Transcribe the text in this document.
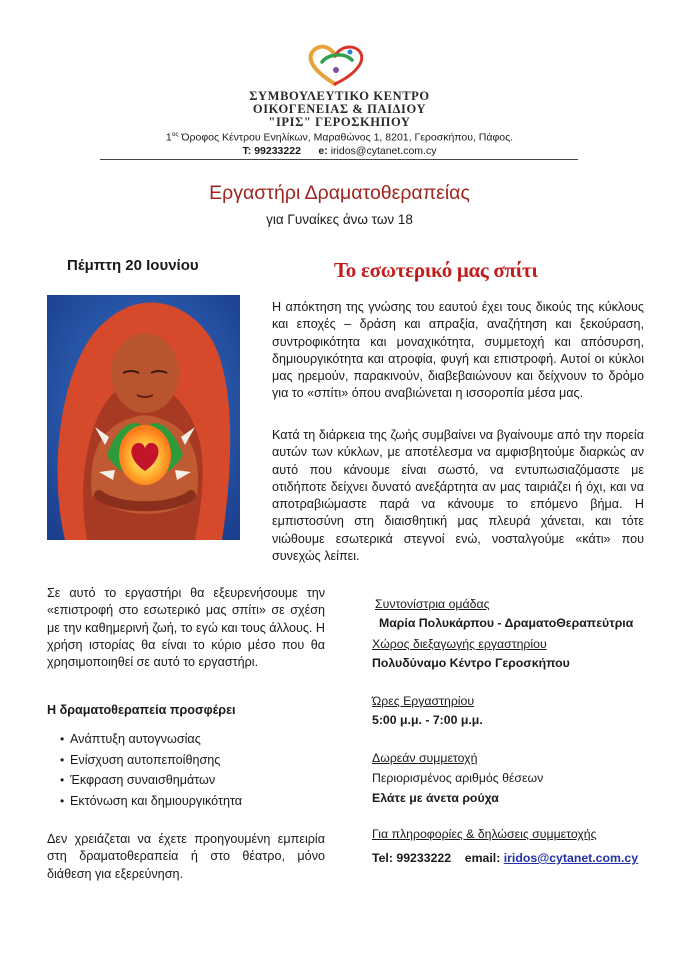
ΣΥΜΒΟΥΛΕΥΤΙΚΟ ΚΕΝΤΡΟ
ΟΙΚΟΓΕΝΕΙΑΣ & ΠΑΙΔΙΟΥ
"ΙΡΙΣ" ΓΕΡΟΣΚΗΠΟΥ
$1^{o\varsigma}$ Όροφος Κέντρου Ενηλίκων, Μαραθώνος 1, 8201, Γεροσκήπου, Πάφος.
T: 99233222 e: iridos@cytanet.com.cy
Εργαστήρι Δραματοθεραπείας
για Γυναίκες άνω των 18
Πέμπτη 20 Ιουνίου	Το εσωτερικό μας σπίτι
Η απόκτηση της γνώσης του εαυτού έχει τους δικούς της κύκλους και εποχές – δράση και απραξία, αναζήτηση και ξεκούραση, συντροφικότητα και μοναχικότητα, συμμετοχή και απόσυρση, δημιουργικότητα και ατροφία, φυγή και επιστροφή. Αυτοί οι κύκλοι μας ηρεμούν, παρακινούν, διαβεβαιώνουν και δείχνουν το δρόμο για το «σπίτι» όπου αναβιώνεται η ισσοροπία μέσα μας.
Κατά τη διάρκεια της ζωής συμβαίνει να βγαίνουμε από την πορεία αυτών των κύκλων, με αποτέλεσμα να αμφισβητούμε διαρκώς αν αυτό που κάνουμε είναι σωστό, να εντυπωσιαζόμαστε με οτιδήποτε δείχνει δυνατό ανεξάρτητα αν μας ταιριάζει ή όχι, και να αποτραβιώμαστε παρά να κάνουμε το επόμενο βήμα. Η εμπιστοσύνη στη διαισθητική μας πλευρά χάνεται, και τότε νιώθουμε εσωτερικά στεγνοί ενώ, νοσταλγούμε «κάτι» που συνεχώς λείπει.
Σε αυτό το εργαστήρι θα εξευρενήσουμε την «επιστροφή στο εσωτερικό μας σπίτι» σε σχέση με την καθημερινή ζωή, το εγώ και τους άλλους. Η χρήση ιστορίας θα είναι το κύριο μέσο που θα χρησιμοποιηθεί σε αυτό το εργαστήρι.
Η δραματοθεραπεία προσφέρει
• Ανάπτυξη αυτογνωσίας
• Ενίσχυση αυτοπεποίθησης
• Έκφραση συναισθημάτων
• Εκτόνωση και δημιουργικότητα
Δεν χρειάζεται να έχετε προηγουμένη εμπειρία στη δραματοθεραπεία ή στο θέατρο, μόνο διάθεση για εξερεύνηση.
Συντονίστρια ομάδας
Μαρία Πολυκάρπου - ΔραματοΘεραπεύτρια
Χώρος διεξαγωγής εργαστηρίου
Πολυδύναμο Κέντρο Γεροσκήπου
Ώρες Εργαστηρίου
5:00 μ.μ. - 7:00 μ.μ.
Δωρεάν συμμετοχή
Περιορισμένος αριθμός θέσεων
Ελάτε με άνετα ρούχα
Για πληροφορίες & δηλώσεις συμμετοχής
Tel: 99233222 email: iridos@cytanet.com.cy
